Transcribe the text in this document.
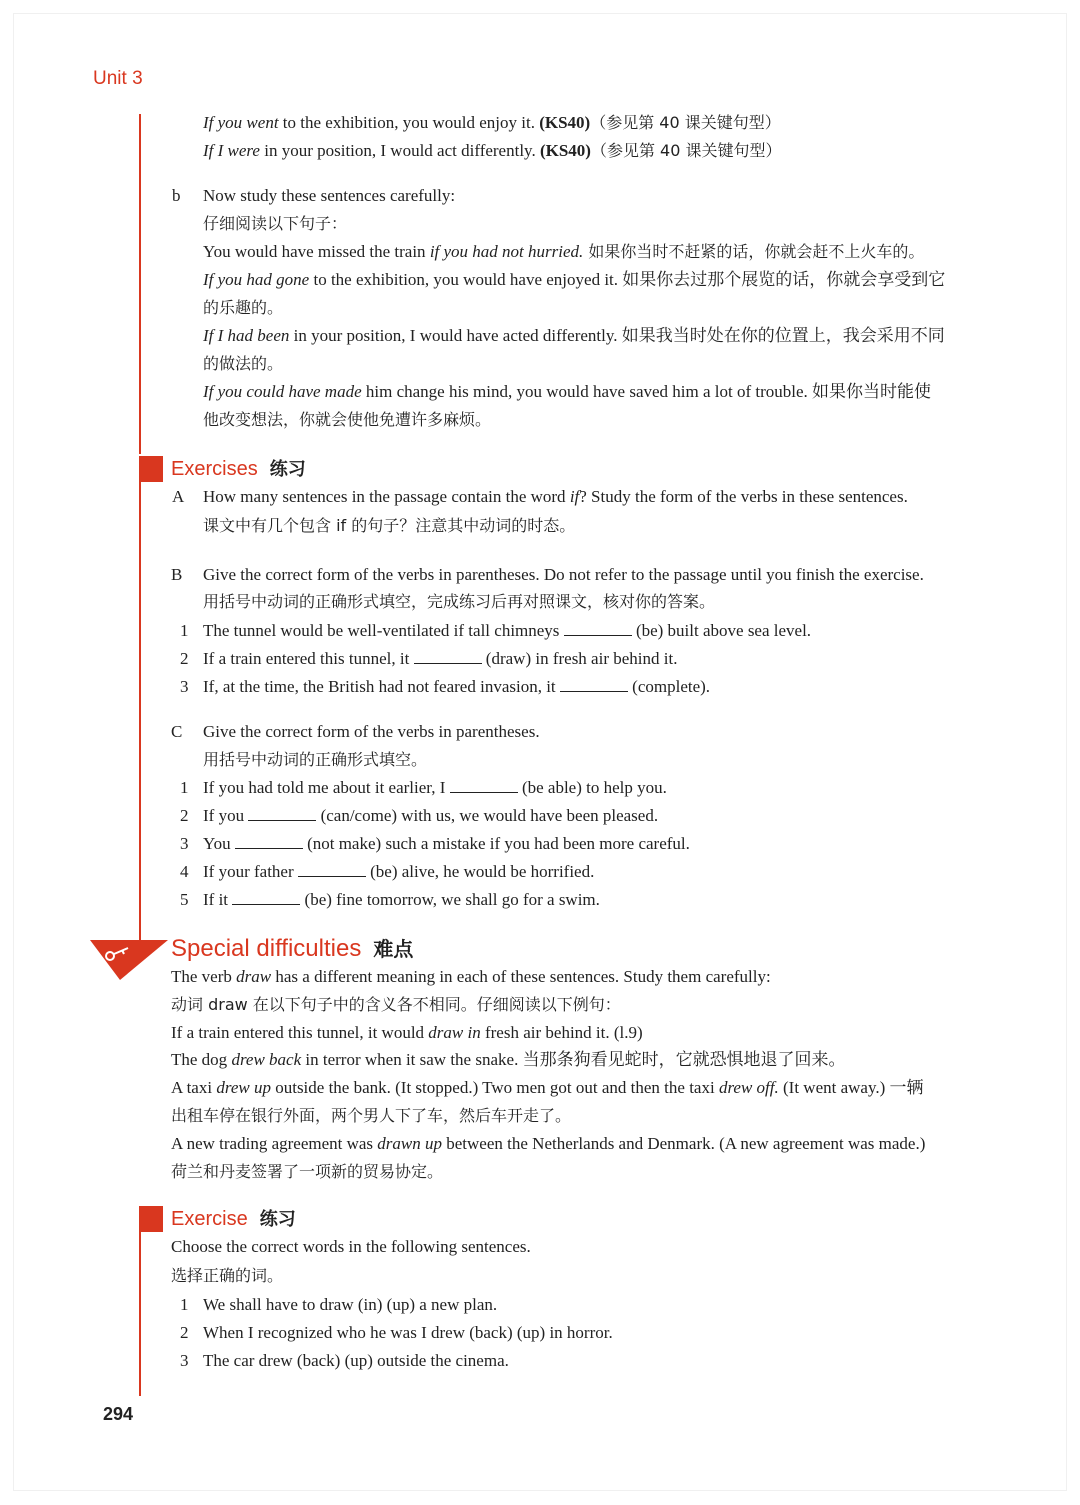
Unit 3
If you went to the exhibition, you would enjoy it. (KS40)（参见第 40 课关键句型）
If I were in your position, I would act differently. (KS40)（参见第 40 课关键句型）
b Now study these sentences carefully:
仔细阅读以下句子：
You would have missed the train if you had not hurried. 如果你当时不赶紧的话，你就会赶不上火车的。
If you had gone to the exhibition, you would have enjoyed it. 如果你去过那个展览的话，你就会享受到它
的乐趣的。
If I had been in your position, I would have acted differently. 如果我当时处在你的位置上，我会采用不同
的做法的。
If you could have made him change his mind, you would have saved him a lot of trouble. 如果你当时能使
他改变想法，你就会使他免遭许多麻烦。
Exercises 练习
A How many sentences in the passage contain the word if? Study the form of the verbs in these sentences.
课文中有几个包含 if 的句子？注意其中动词的时态。
B Give the correct form of the verbs in parentheses. Do not refer to the passage until you finish the exercise.
用括号中动词的正确形式填空，完成练习后再对照课文，核对你的答案。
1 The tunnel would be well-ventilated if tall chimneys	(be) built above sea level.
2 If a train entered this tunnel, it	(draw) in fresh air behind it.
3 If, at the time, the British had not feared invasion, it	(complete).
C Give the correct form of the verbs in parentheses.
用括号中动词的正确形式填空。
1 If you had told me about it earlier, I	(be able) to help you.
2 If you	(can/come) with us, we would have been pleased.
3 You	(not make) such a mistake if you had been more careful.
4 If your father	(be) alive, he would be horrified.
5 If it	(be) fine tomorrow, we shall go for a swim.
Special difficulties 难点
The verb draw has a different meaning in each of these sentences. Study them carefully:
动词 draw 在以下句子中的含义各不相同。仔细阅读以下例句：
If a train entered this tunnel, it would draw in fresh air behind it. (l.9)
The dog drew back in terror when it saw the snake. 当那条狗看见蛇时，它就恐惧地退了回来。
A taxi drew up outside the bank. (It stopped.) Two men got out and then the taxi drew off. (It went away.) 一辆
出租车停在银行外面，两个男人下了车，然后车开走了。
A new trading agreement was drawn up between the Netherlands and Denmark. (A new agreement was made.)
荷兰和丹麦签署了一项新的贸易协定。
Exercise 练习
Choose the correct words in the following sentences.
选择正确的词。
1 We shall have to draw (in) (up) a new plan.
2 When I recognized who he was I drew (back) (up) in horror.
3 The car drew (back) (up) outside the cinema.
294
